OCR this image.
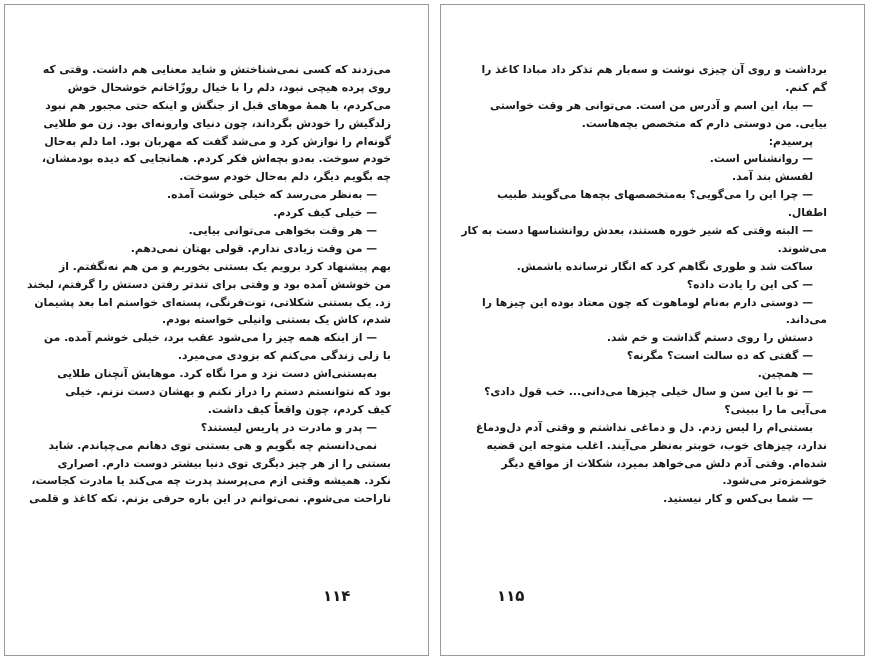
می‌زدند که کسی نمی‌شناختش و شاید معنایی هم داشت. وقتی که
روی پرده هیچی نبود، دلم را با خیال روزّاخانم خوشحال خوش
می‌کردم، با همهٔ موهای قبل از جنگش و اینکه حتی مجبور هم نبود
زلدگیش را خودش بگرداند، چون دنیای وارونه‌ای بود. زن مو طلایی
گونه‌ام را نوازش کرد و می‌شد گفت که مهربان بود. اما دلم به‌حال
خودم سوخت. به‌دو بچه‌اش فکر کردم. همانجایی که دیده بودمشان،
چه بگویم دیگر، دلم به‌حال خودم سوخت.
— به‌نظر می‌رسد که خیلی خوشت آمده.
— خیلی کیف کردم.
— هر وقت بخواهی می‌توانی بیایی.
— من وقت زیادی ندارم. قولی بهتان نمی‌دهم.
بهم پیشنهاد کرد برویم یک بستنی بخوریم و من هم نه‌نگفتم. از
من خوشش آمده بود و وقتی برای تندتر رفتن دستش را گرفتم، لبخند
زد. یک بستنی شکلاتی، توت‌فرنگی، پسته‌ای خواستم اما بعد پشیمان
شدم، کاش یک بستنی وانیلی خواسته بودم.
— از اینکه همه چیز را می‌شود عقب برد، خیلی خوشم آمده. من
با زلی زندگی می‌کنم که بزودی می‌میرد.
به‌بستنی‌اش دست نزد و مرا نگاه کرد. موهایش آنچنان طلایی
بود که نتوانستم دستم را دراز نکنم و بهشان دست نزنم. خیلی
کیف کردم، چون واقعاً کیف داشت.
— پدر و مادرت در پاریس لیستند؟
نمی‌دانستم چه بگویم و هی بستنی توی دهانم می‌چپاندم. شاید
بستنی را از هر چیز دیگری توی دنیا بیشتر دوست دارم. اصراری
نکرد. همیشه وقتی ازم می‌پرسند پدرت چه می‌کند یا مادرت کجاست،
ناراحت می‌شوم. نمی‌توانم در این باره حرفی بزنم. تکه کاغذ و قلمی
۱۱۴
برداشت و روی آن چیزی نوشت و سه‌بار هم تذکر داد مبادا کاغذ را
گم کنم.
— بیا، این اسم و آدرس من است. می‌توانی هر وقت خواستی
بیایی. من دوستی دارم که متخصص بچه‌هاست.
پرسیدم:
— روانشناس است.
لفسش بند آمد.
— چرا این را می‌گویی؟ به‌متخصصهای بچه‌ها می‌گویند طبیب
اطفال.
— البته وقتی که شیر خوره هستند، بعدش روانشناسها دست به کار
می‌شوند.
ساکت شد و طوری نگاهم کرد که انگار ترسانده باشمش.
— کی این را یادت داده؟
— دوستی دارم به‌نام لوماهوت که چون معتاد بوده این چیزها را
می‌داند.
دستش را روی دستم گذاشت و خم شد.
— گفتی که ده سالت است؟ مگرنه؟
— همچین.
— تو با این سن و سال خیلی چیزها می‌دانی... خب قول دادی؟
می‌آیی ما را ببینی؟
بستنی‌ام را لیس زدم. دل و دماغی نداشتم و وقتی آدم دل‌ودماغ
ندارد، چیزهای خوب، خوبتر به‌نظر می‌آیند. اغلب متوجه این قضیه
شده‌ام. وقتی آدم دلش می‌خواهد بمیرد، شکلات از مواقع دیگر
خوشمزه‌تر می‌شود.
— شما بی‌کس و کار نیستید.
۱۱۵
